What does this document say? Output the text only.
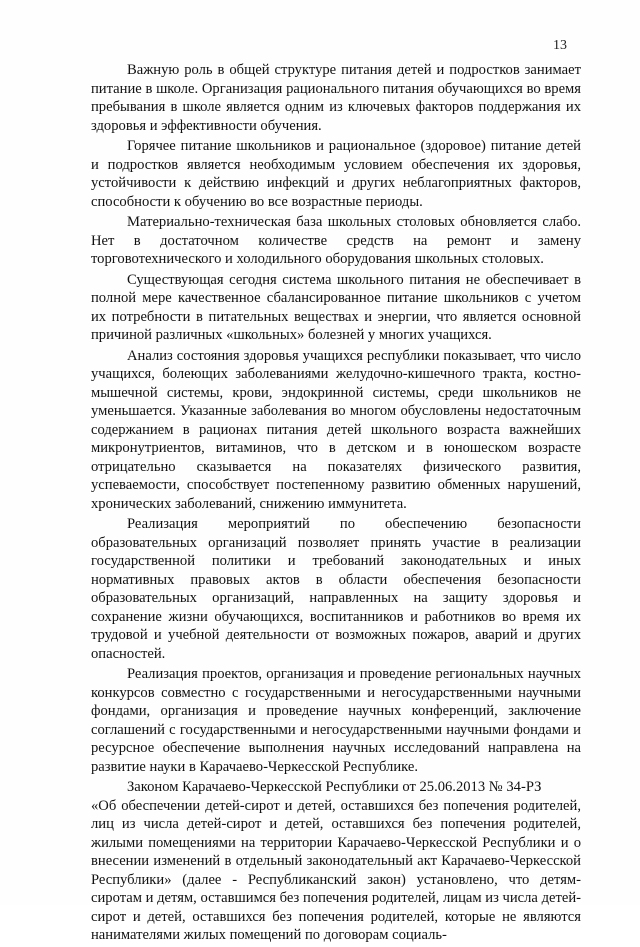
13

Важную роль в общей структуре питания детей и подростков занимает питание в школе. Организация рационального питания обучающихся во время пребывания в школе является одним из ключевых факторов поддержания их здоровья и эффективности обучения.

Горячее питание школьников и рациональное (здоровое) питание детей и подростков является необходимым условием обеспечения их здоровья, устойчивости к действию инфекций и других неблагоприятных факторов, способности к обучению во все возрастные периоды.

Материально-техническая база школьных столовых обновляется слабо. Нет в достаточном количестве средств на ремонт и замену торговотехнического и холодильного оборудования школьных столовых.

Существующая сегодня система школьного питания не обеспечивает в полной мере качественное сбалансированное питание школьников с учетом их потребности в питательных веществах и энергии, что является основной причиной различных «школьных» болезней у многих учащихся.

Анализ состояния здоровья учащихся республики показывает, что число учащихся, болеющих заболеваниями желудочно-кишечного тракта, костно-мышечной системы, крови, эндокринной системы, среди школьников не уменьшается. Указанные заболевания во многом обусловлены недостаточным содержанием в рационах питания детей школьного возраста важнейших микронутриентов, витаминов, что в детском и в юношеском возрасте отрицательно сказывается на показателях физического развития, успеваемости, способствует постепенному развитию обменных нарушений, хронических заболеваний, снижению иммунитета.

Реализация мероприятий по обеспечению безопасности образовательных организаций позволяет принять участие в реализации государственной политики и требований законодательных и иных нормативных правовых актов в области обеспечения безопасности образовательных организаций, направленных на защиту здоровья и сохранение жизни обучающихся, воспитанников и работников во время их трудовой и учебной деятельности от возможных пожаров, аварий и других опасностей.

Реализация проектов, организация и проведение региональных научных конкурсов совместно с государственными и негосударственными научными фондами, организация и проведение научных конференций, заключение соглашений с государственными и негосударственными научными фондами и ресурсное обеспечение выполнения научных исследований направлена на развитие науки в Карачаево-Черкесской Республике.

Законом Карачаево-Черкесской Республики от 25.06.2013 № 34-РЗ

«Об обеспечении детей-сирот и детей, оставшихся без попечения родителей, лиц из числа детей-сирот и детей, оставшихся без попечения родителей, жилыми помещениями на территории Карачаево-Черкесской Республики и о внесении изменений в отдельный законодательный акт Карачаево-Черкесской Республики» (далее - Республиканский закон) установлено, что детям-сиротам и детям, оставшимся без попечения родителей, лицам из числа детей-сирот и детей, оставшихся без попечения родителей, которые не являются нанимателями жилых помещений по договорам социаль-
